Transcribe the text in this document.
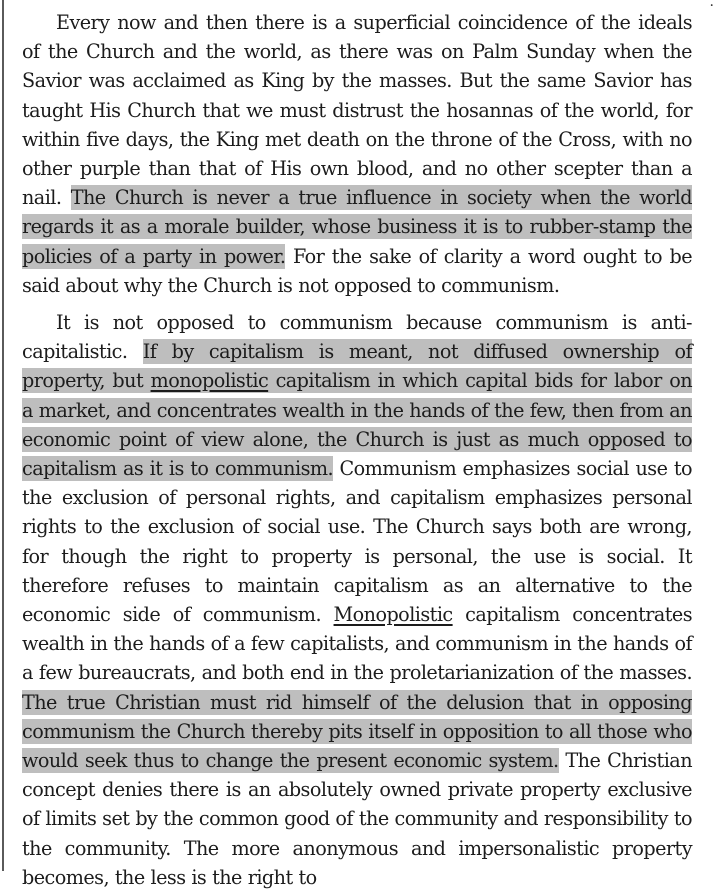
.

Every now and then there is a superficial coincidence of the ideals of the Church and the world, as there was on Palm Sunday when the Savior was acclaimed as King by the masses. But the same Savior has taught His Church that we must distrust the hosannas of the world, for within five days, the King met death on the throne of the Cross, with no other purple than that of His own blood, and no other scepter than a nail. The Church is never a true influence in society when the world regards it as a morale builder, whose business it is to rubber-stamp the policies of a party in power. For the sake of clarity a word ought to be said about why the Church is not opposed to communism.

It is not opposed to communism because communism is anti- capitalistic. If by capitalism is meant, not diffused ownership of property, but monopolistic capitalism in which capital bids for labor on a market, and concentrates wealth in the hands of the few, then from an economic point of view alone, the Church is just as much opposed to capitalism as it is to communism. Communism emphasizes social use to the exclusion of personal rights, and capitalism emphasizes personal rights to the exclusion of social use. The Church says both are wrong, for though the right to property is personal, the use is social. It therefore refuses to maintain capitalism as an alternative to the economic side of communism. Monopolistic capitalism concentrates wealth in the hands of a few capitalists, and communism in the hands of a few bureaucrats, and both end in the proletarianization of the masses. The true Christian must rid himself of the delusion that in opposing communism the Church thereby pits itself in opposition to all those who would seek thus to change the present economic system. The Christian concept denies there is an absolutely owned private property exclusive of limits set by the common good of the community and responsibility to the community. The more anonymous and impersonalistic property becomes, the less is the right to
